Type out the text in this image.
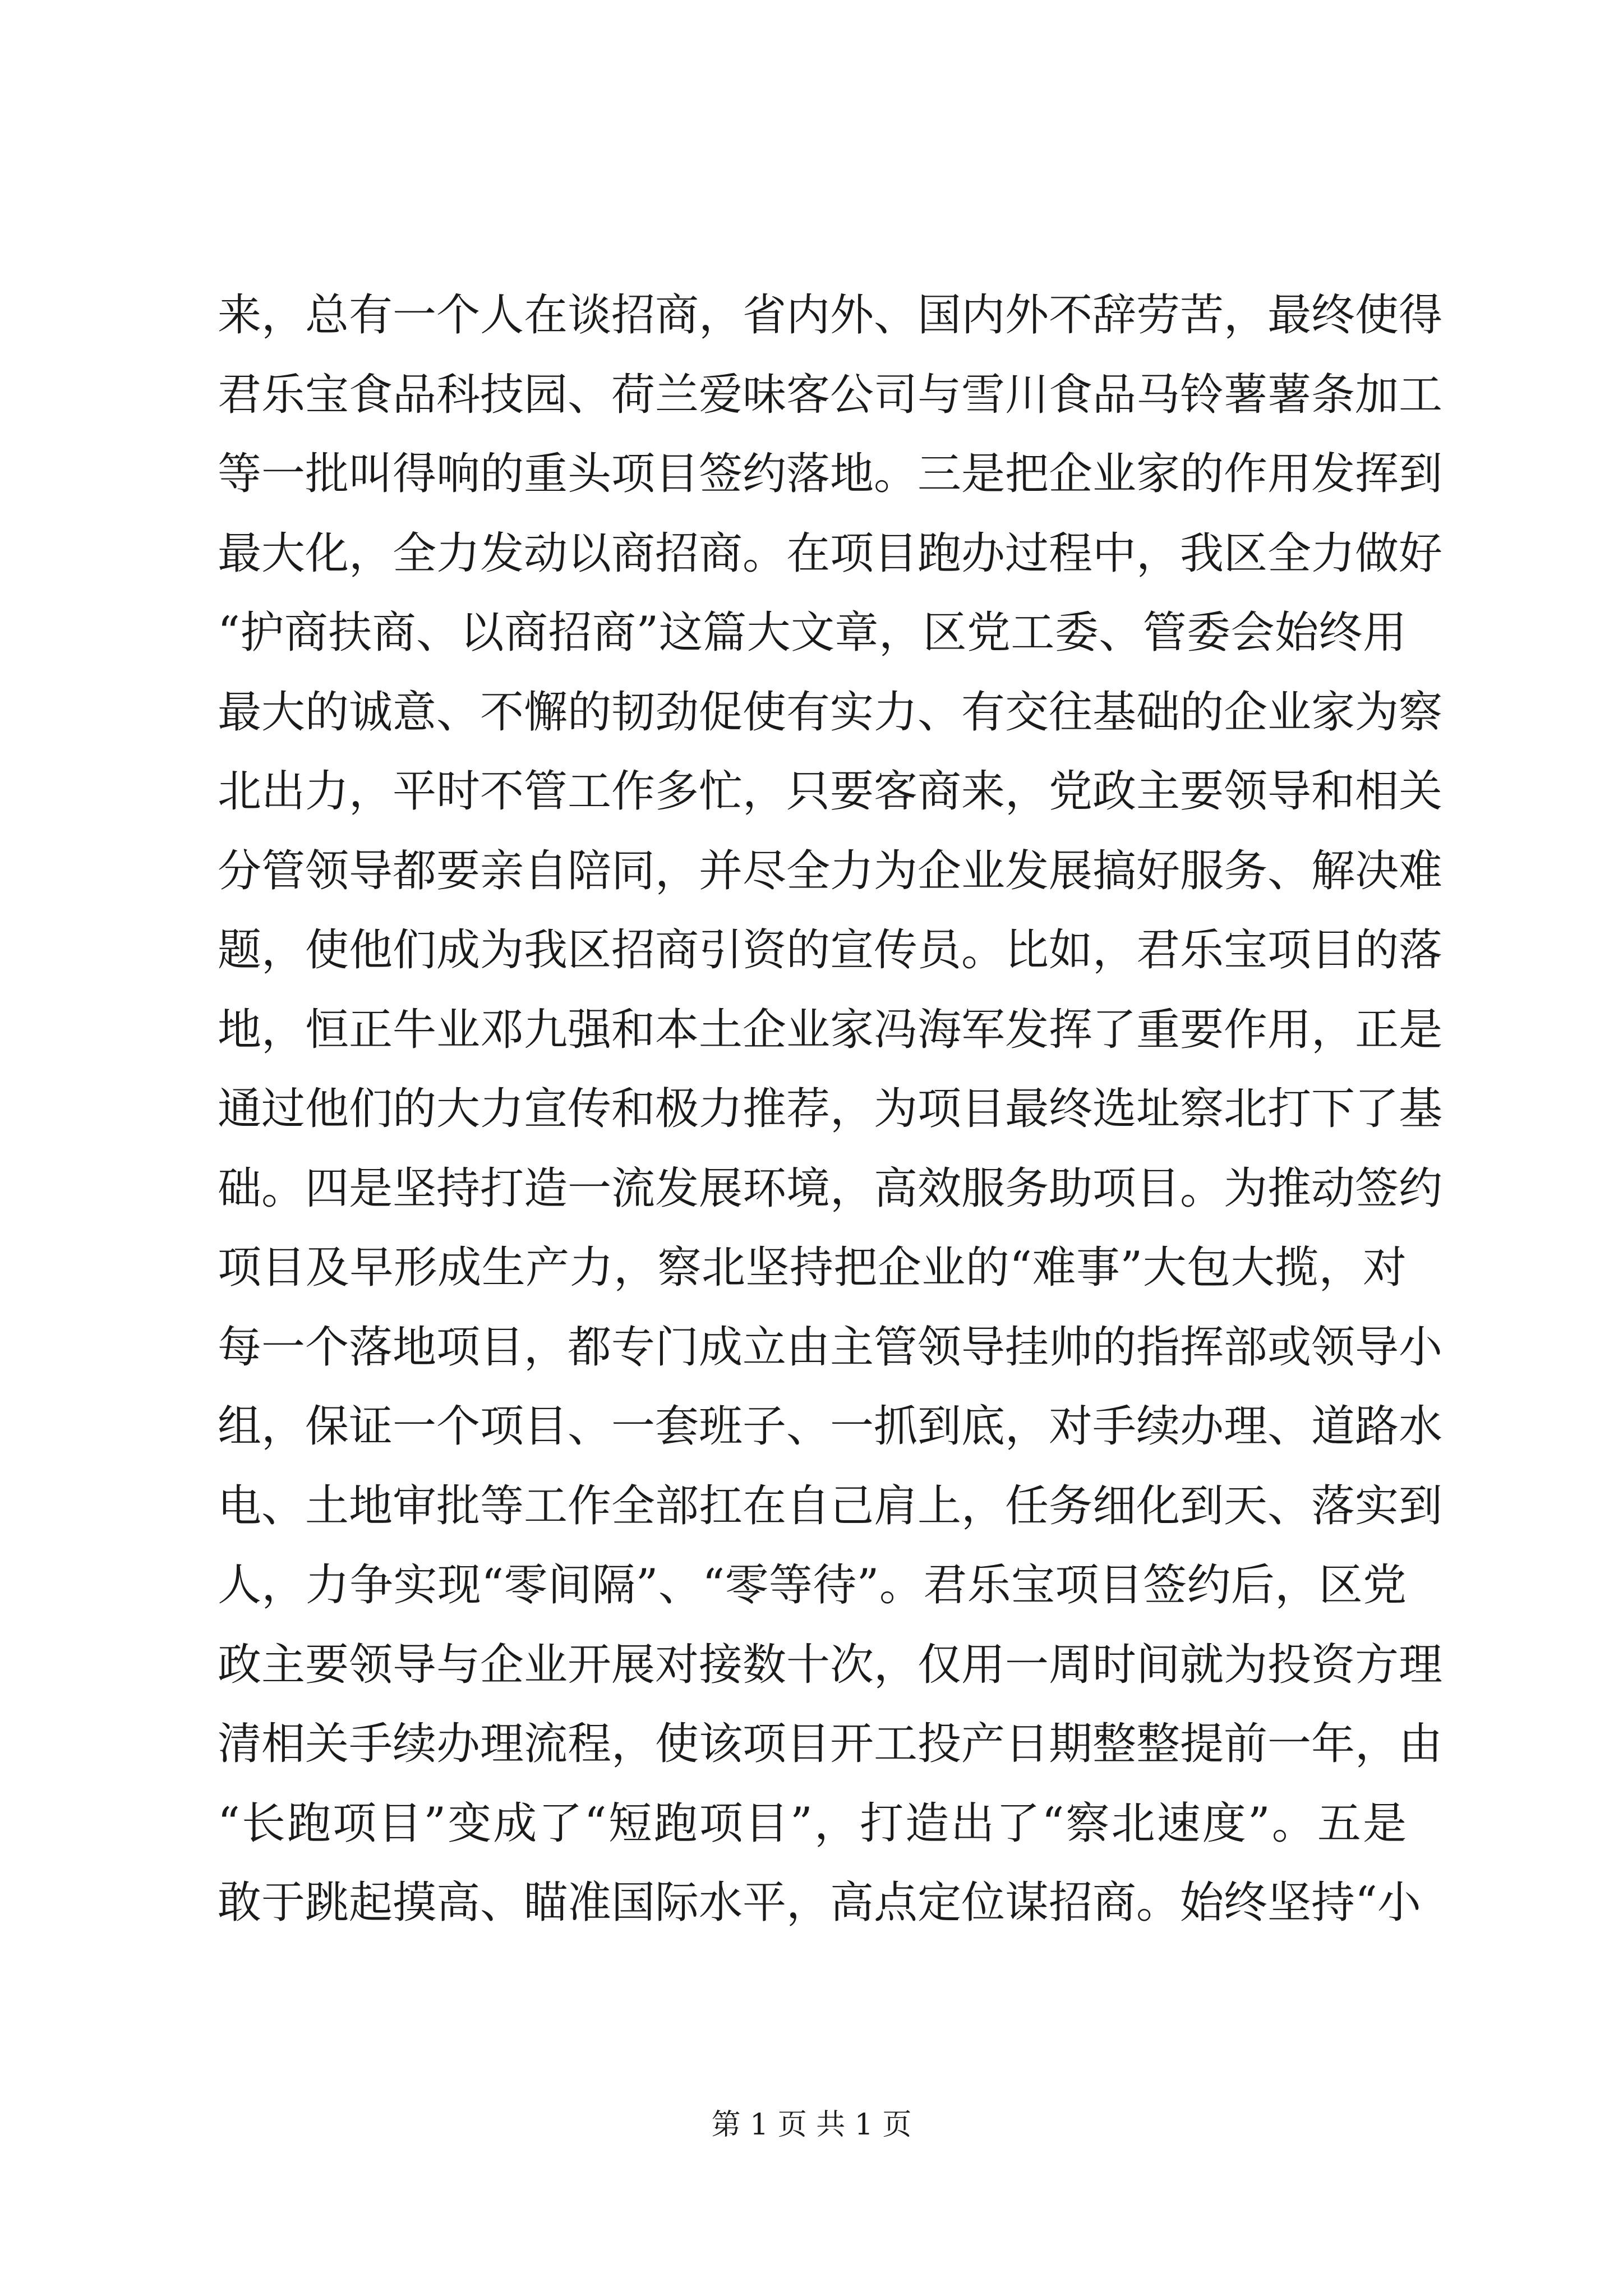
来，总有一个人在谈招商，省内外、国内外不辞劳苦，最终使得
君乐宝食品科技园、荷兰爱味客公司与雪川食品马铃薯薯条加工
等一批叫得响的重头项目签约落地。三是把企业家的作用发挥到
最大化，全力发动以商招商。在项目跑办过程中，我区全力做好
“护商扶商、以商招商”这篇大文章，区党工委、管委会始终用
最大的诚意、不懈的韧劲促使有实力、有交往基础的企业家为察
北出力，平时不管工作多忙，只要客商来，党政主要领导和相关
分管领导都要亲自陪同，并尽全力为企业发展搞好服务、解决难
题，使他们成为我区招商引资的宣传员。比如，君乐宝项目的落
地，恒正牛业邓九强和本土企业家冯海军发挥了重要作用，正是
通过他们的大力宣传和极力推荐，为项目最终选址察北打下了基
础。四是坚持打造一流发展环境，高效服务助项目。为推动签约
项目及早形成生产力，察北坚持把企业的“难事”大包大揽，对
每一个落地项目，都专门成立由主管领导挂帅的指挥部或领导小
组，保证一个项目、一套班子、一抓到底，对手续办理、道路水
电、土地审批等工作全部扛在自己肩上，任务细化到天、落实到
人，力争实现“零间隔”、“零等待”。君乐宝项目签约后，区党
政主要领导与企业开展对接数十次，仅用一周时间就为投资方理
清相关手续办理流程，使该项目开工投产日期整整提前一年，由
“长跑项目”变成了“短跑项目”，打造出了“察北速度”。五是
敢于跳起摸高、瞄准国际水平，高点定位谋招商。始终坚持“小
第 1 页 共 1 页
